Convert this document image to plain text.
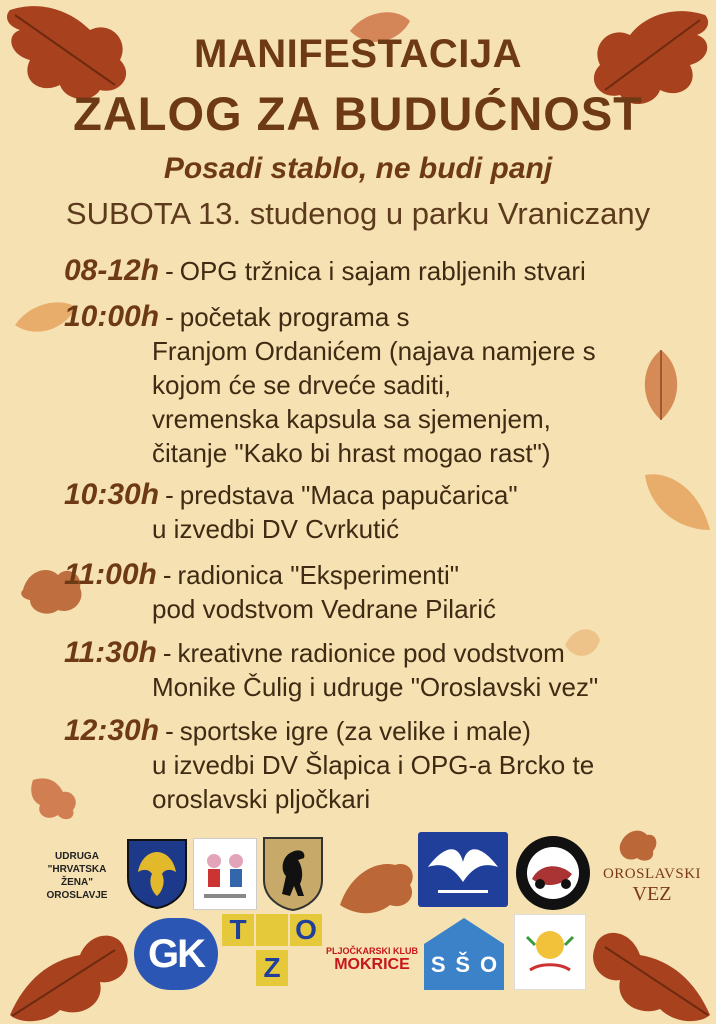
MANIFESTACIJA
ZALOG ZA BUDUĆNOST
Posadi stablo, ne budi panj
SUBOTA 13. studenog u parku Vraniczany
08-12h - OPG tržnica i sajam rabljenih stvari
10:00h - početak programa s
Franjom Ordanićem (najava namjere s
kojom će se drveće saditi,
vremenska kapsula sa sjemenjem,
čitanje "Kako bi hrast mogao rast")
10:30h - predstava "Maca papučarica"
u izvedbi DV Cvrkutić
11:00h - radionica "Eksperimenti"
pod vodstvom Vedrane Pilarić
11:30h - kreativne radionice pod vodstvom
Monike Čulig i udruge "Oroslavski vez"
12:30h - sportske igre (za velike i male)
u izvedbi DV Šlapica i OPG-a Brcko te
oroslavski pljočkari
UDRUGA
"HRVATSKA ŽENA"
OROSLAVJE
OROSLAVSKI
VEZ
GK
T
Z
O
PLJOČKARSKI KLUB
MOKRICE S Š O
